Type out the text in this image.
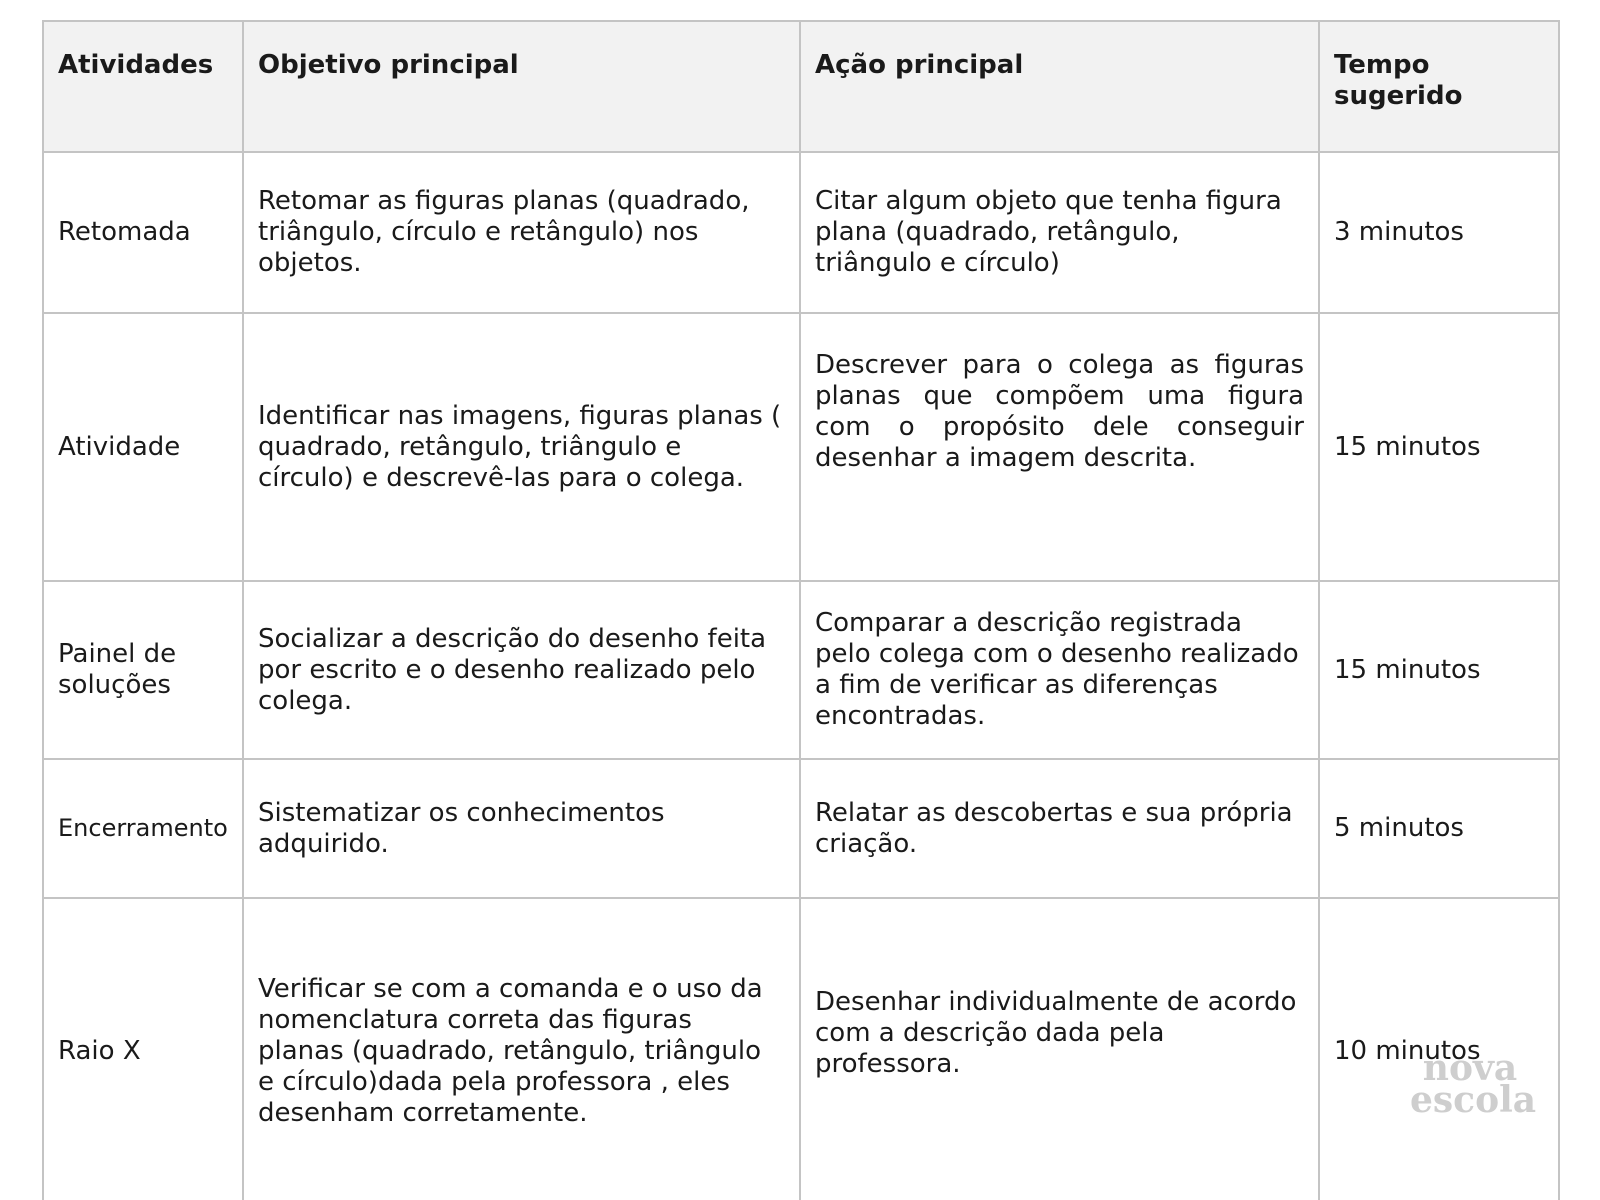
Atividades	Objetivo principal	Ação principal	Tempo sugerido
Retomada	Retomar as figuras planas (quadrado, triângulo, círculo e retângulo) nos objetos.	Citar algum objeto que tenha figura plana (quadrado, retângulo, triângulo e círculo)	3 minutos
Atividade	Identificar nas imagens, figuras planas ( quadrado, retângulo, triângulo e círculo) e descrevê-las para o colega.	Descrever para o colega as figuras planas que compõem uma figura com o propósito dele conseguir desenhar a imagem descrita.	15 minutos
Painel de soluções	Socializar a descrição do desenho feita por escrito e o desenho realizado pelo colega.	Comparar a descrição registrada pelo colega com o desenho realizado a fim de verificar as diferenças encontradas.	15 minutos
Encerramento	Sistematizar os conhecimentos adquirido.	Relatar as descobertas e sua própria criação.	5 minutos
Raio X	Verificar se com a comanda e o uso da nomenclatura correta das figuras planas (quadrado, retângulo, triângulo e círculo)dada pela professora , eles desenham corretamente.	Desenhar individualmente de acordo com a descrição dada pela professora.	10 minutos
nova
escola
